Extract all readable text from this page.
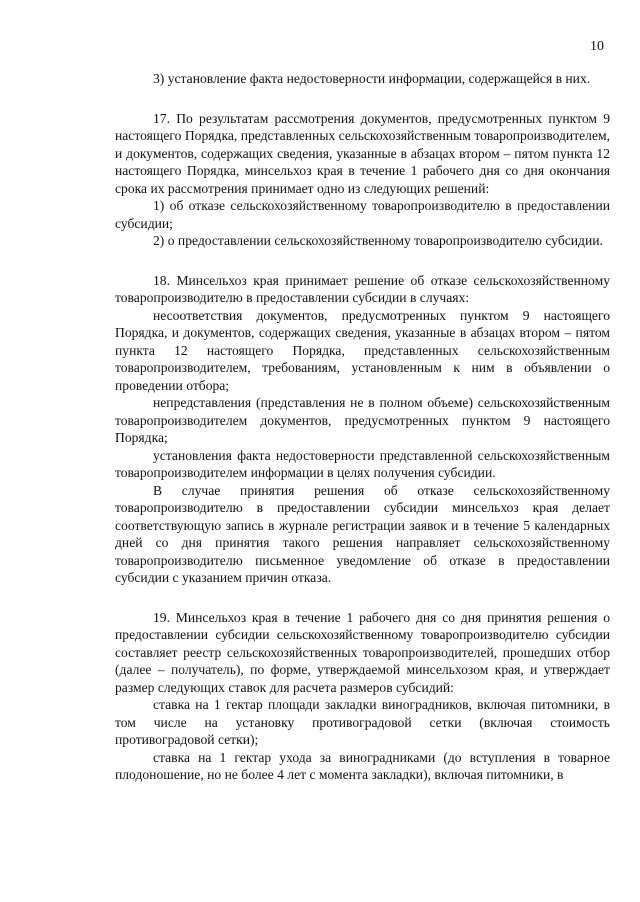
10

3) установление факта недостоверности информации, содержащейся в них.

17. По результатам рассмотрения документов, предусмотренных пунктом 9 настоящего Порядка, представленных сельскохозяйственным товаропроизводителем, и документов, содержащих сведения, указанные в абзацах втором – пятом пункта 12 настоящего Порядка, минсельхоз края в течение 1 рабочего дня со дня окончания срока их рассмотрения принимает одно из следующих решений:

1) об отказе сельскохозяйственному товаропроизводителю в предоставлении субсидии;

2) о предоставлении сельскохозяйственному товаропроизводителю субсидии.

18. Минсельхоз края принимает решение об отказе сельскохозяйственному товаропроизводителю в предоставлении субсидии в случаях:

несоответствия документов, предусмотренных пунктом 9 настоящего Порядка, и документов, содержащих сведения, указанные в абзацах втором – пятом пункта 12 настоящего Порядка, представленных сельскохозяйственным товаропроизводителем, требованиям, установленным к ним в объявлении о проведении отбора;

непредставления (представления не в полном объеме) сельскохозяйственным товаропроизводителем документов, предусмотренных пунктом 9 настоящего Порядка;

установления факта недостоверности представленной сельскохозяйственным товаропроизводителем информации в целях получения субсидии.

В случае принятия решения об отказе сельскохозяйственному товаропроизводителю в предоставлении субсидии минсельхоз края делает соответствующую запись в журнале регистрации заявок и в течение 5 календарных дней со дня принятия такого решения направляет сельскохозяйственному товаропроизводителю письменное уведомление об отказе в предоставлении субсидии с указанием причин отказа.

19. Минсельхоз края в течение 1 рабочего дня со дня принятия решения о предоставлении субсидии сельскохозяйственному товаропроизводителю субсидии составляет реестр сельскохозяйственных товаропроизводителей, прошедших отбор (далее – получатель), по форме, утверждаемой минсельхозом края, и утверждает размер следующих ставок для расчета размеров субсидий:

ставка на 1 гектар площади закладки виноградников, включая питомники, в том числе на установку противоградовой сетки (включая стоимость противоградовой сетки);

ставка на 1 гектар ухода за виноградниками (до вступления в товарное плодоношение, но не более 4 лет с момента закладки), включая питомники, в
